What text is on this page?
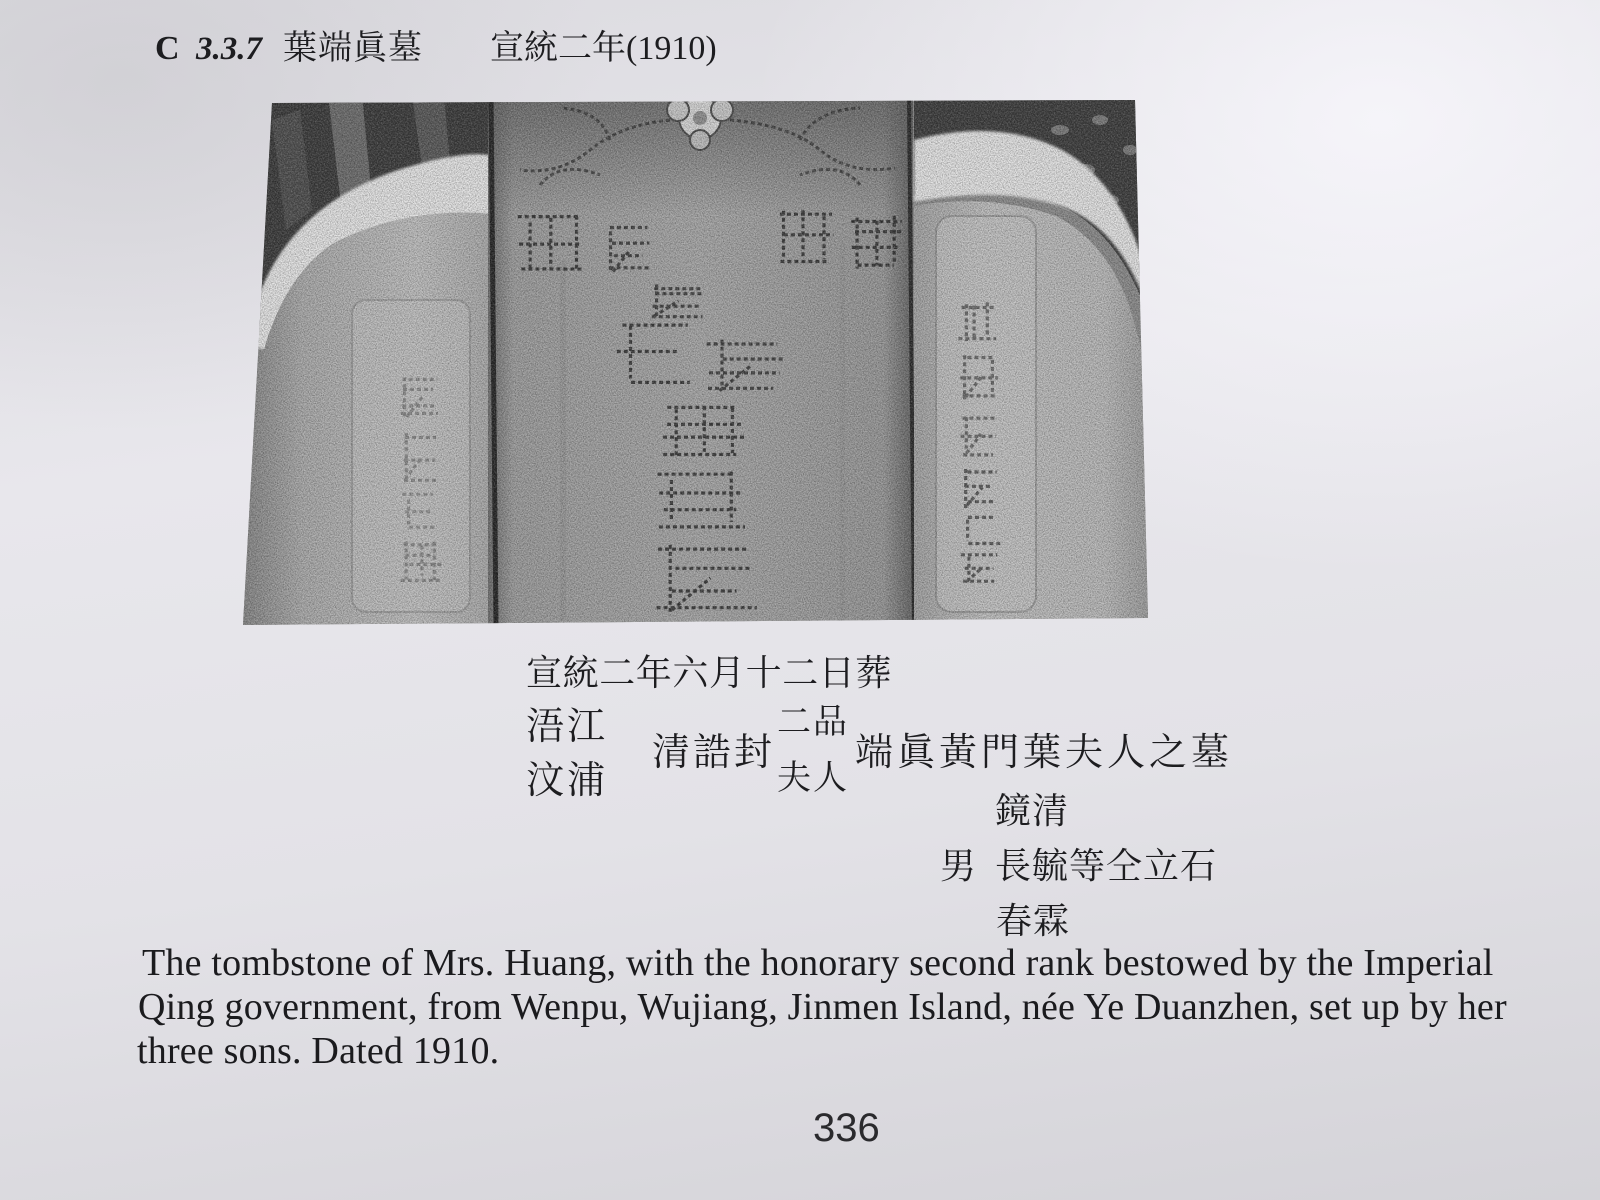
C 3.3.7 葉端眞墓 宣統二年(1910)
宣統二年六月十二日葬
浯江
汶浦
清誥封
二品
夫人
端眞黃門葉夫人之墓
鏡清
男 長毓等仝立石
春霖

The tombstone of Mrs. Huang, with the honorary second rank bestowed by the Imperial

Qing government, from Wenpu, Wujiang, Jinmen Island, née Ye Duanzhen, set up by her

three sons. Dated 1910.

336
